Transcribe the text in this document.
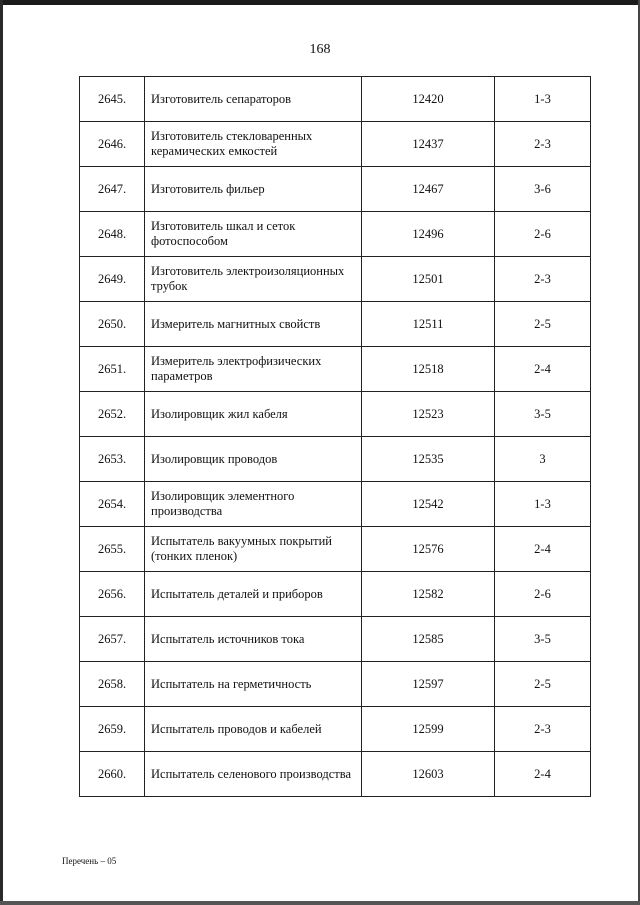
168
2645.	Изготовитель сепараторов	12420	1-3
2646.	Изготовитель стекловаренных керамических емкостей	12437	2-3
2647.	Изготовитель фильер	12467	3-6
2648.	Изготовитель шкал и сеток фотоспособом	12496	2-6
2649.	Изготовитель электроизоляционных трубок	12501	2-3
2650.	Измеритель магнитных свойств	12511	2-5
2651.	Измеритель электрофизических параметров	12518	2-4
2652.	Изолировщик жил кабеля	12523	3-5
2653.	Изолировщик проводов	12535	3
2654.	Изолировщик элементного производства	12542	1-3
2655.	Испытатель вакуумных покрытий (тонких пленок)	12576	2-4
2656.	Испытатель деталей и приборов	12582	2-6
2657.	Испытатель источников тока	12585	3-5
2658.	Испытатель на герметичность	12597	2-5
2659.	Испытатель проводов и кабелей	12599	2-3
2660.	Испытатель селенового производства	12603	2-4
Перечень – 05
